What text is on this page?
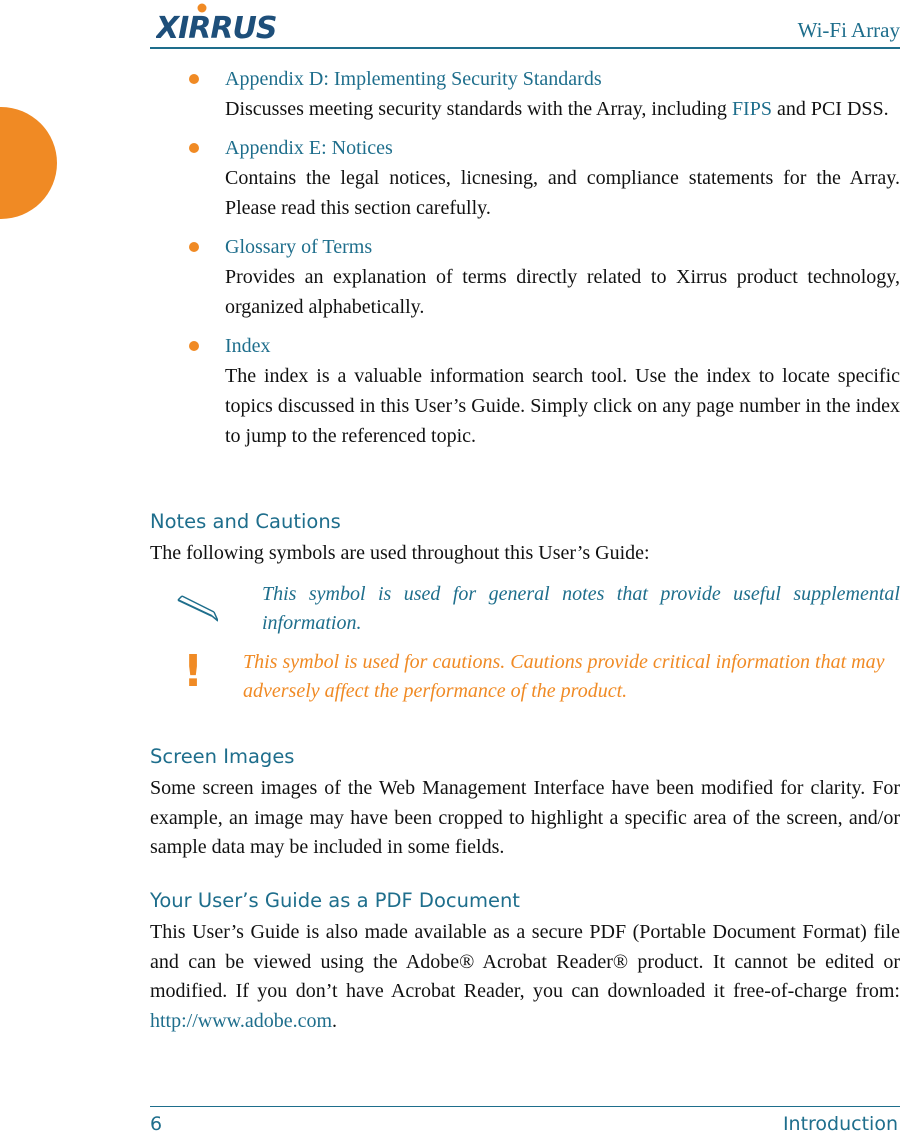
XIRRUS	Wi-Fi Array
Appendix D: Implementing Security Standards
Discusses meeting security standards with the Array, including FIPS and PCI DSS.
Appendix E: Notices
Contains the legal notices, licnesing, and compliance statements for the Array. Please read this section carefully.
Glossary of Terms
Provides an explanation of terms directly related to Xirrus product technology, organized alphabetically.
Index
The index is a valuable information search tool. Use the index to locate specific topics discussed in this User’s Guide. Simply click on any page number in the index to jump to the referenced topic.
Notes and Cautions
The following symbols are used throughout this User’s Guide:
This symbol is used for general notes that provide useful supplemental information.
! This symbol is used for cautions. Cautions provide critical information that may adversely affect the performance of the product.
Screen Images
Some screen images of the Web Management Interface have been modified for clarity. For example, an image may have been cropped to highlight a specific area of the screen, and/or sample data may be included in some fields.
Your User’s Guide as a PDF Document
This User’s Guide is also made available as a secure PDF (Portable Document Format) file and can be viewed using the Adobe® Acrobat Reader® product. It cannot be edited or modified. If you don’t have Acrobat Reader, you can downloaded it free-of-charge from: http://www.adobe.com.
6	Introduction
